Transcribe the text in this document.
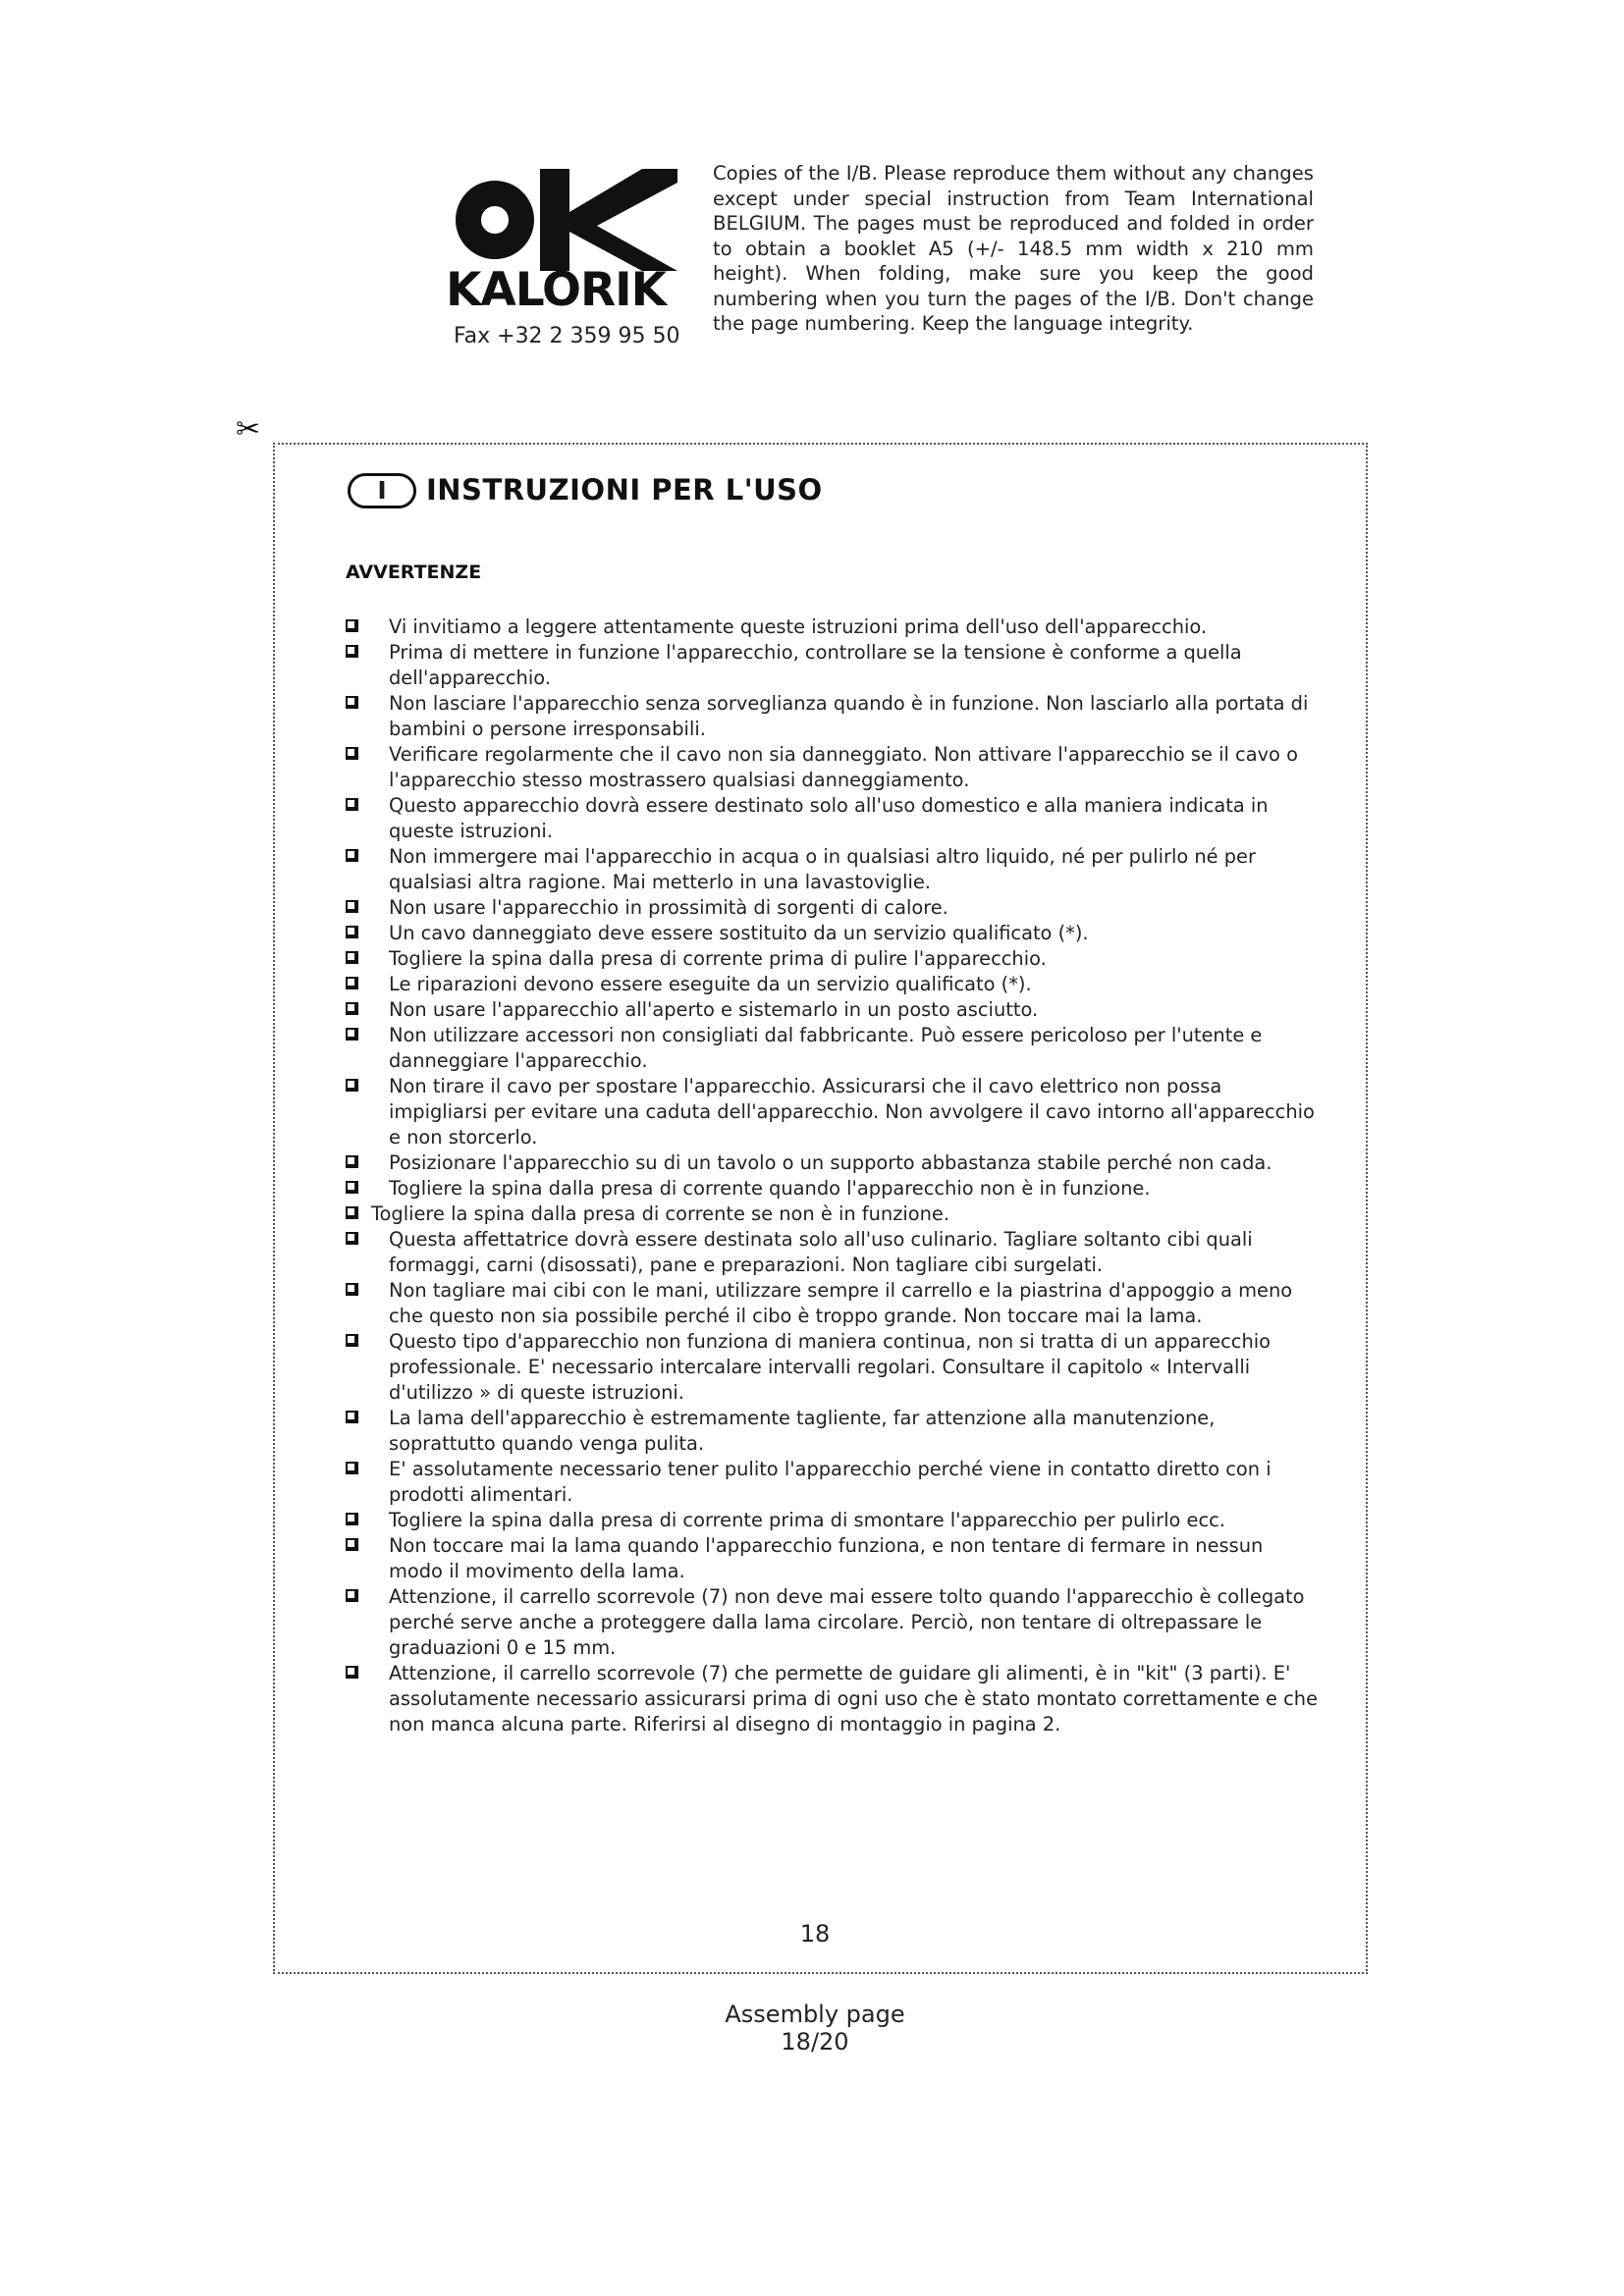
KALORIK
Fax +32 2 359 95 50
Copies of the I/B. Please reproduce them without any changes except under special instruction from Team International BELGIUM. The pages must be reproduced and folded in order to obtain a booklet A5 (+/- 148.5 mm width x 210 mm height). When folding, make sure you keep the good numbering when you turn the pages of the I/B. Don't change the page numbering. Keep the language integrity.
✂
I	INSTRUZIONI PER L'USO
AVVERTENZE
Vi invitiamo a leggere attentamente queste istruzioni prima dell'uso dell'apparecchio.
Prima di mettere in funzione l'apparecchio, controllare se la tensione è conforme a quella dell'apparecchio.
Non lasciare l'apparecchio senza sorveglianza quando è in funzione. Non lasciarlo alla portata di bambini o persone irresponsabili.
Verificare regolarmente che il cavo non sia danneggiato. Non attivare l'apparecchio se il cavo o l'apparecchio stesso mostrassero qualsiasi danneggiamento.
Questo apparecchio dovrà essere destinato solo all'uso domestico e alla maniera indicata in queste istruzioni.
Non immergere mai l'apparecchio in acqua o in qualsiasi altro liquido, né per pulirlo né per qualsiasi altra ragione. Mai metterlo in una lavastoviglie.
Non usare l'apparecchio in prossimità di sorgenti di calore.
Un cavo danneggiato deve essere sostituito da un servizio qualificato (*).
Togliere la spina dalla presa di corrente prima di pulire l'apparecchio.
Le riparazioni devono essere eseguite da un servizio qualificato (*).
Non usare l'apparecchio all'aperto e sistemarlo in un posto asciutto.
Non utilizzare accessori non consigliati dal fabbricante. Può essere pericoloso per l'utente e danneggiare l'apparecchio.
Non tirare il cavo per spostare l'apparecchio. Assicurarsi che il cavo elettrico non possa impigliarsi per evitare una caduta dell'apparecchio. Non avvolgere il cavo intorno all'apparecchio e non storcerlo.
Posizionare l'apparecchio su di un tavolo o un supporto abbastanza stabile perché non cada.
Togliere la spina dalla presa di corrente quando l'apparecchio non è in funzione.
Togliere la spina dalla presa di corrente se non è in funzione.
Questa affettatrice dovrà essere destinata solo all'uso culinario. Tagliare soltanto cibi quali formaggi, carni (disossati), pane e preparazioni. Non tagliare cibi surgelati.
Non tagliare mai cibi con le mani, utilizzare sempre il carrello e la piastrina d'appoggio a meno che questo non sia possibile perché il cibo è troppo grande. Non toccare mai la lama.
Questo tipo d'apparecchio non funziona di maniera continua, non si tratta di un apparecchio professionale. E' necessario intercalare intervalli regolari. Consultare il capitolo « Intervalli d'utilizzo » di queste istruzioni.
La lama dell'apparecchio è estremamente tagliente, far attenzione alla manutenzione, soprattutto quando venga pulita.
E' assolutamente necessario tener pulito l'apparecchio perché viene in contatto diretto con i prodotti alimentari.
Togliere la spina dalla presa di corrente prima di smontare l'apparecchio per pulirlo ecc.
Non toccare mai la lama quando l'apparecchio funziona, e non tentare di fermare in nessun modo il movimento della lama.
Attenzione, il carrello scorrevole (7) non deve mai essere tolto quando l'apparecchio è collegato perché serve anche a proteggere dalla lama circolare. Perciò, non tentare di oltrepassare le graduazioni 0 e 15 mm.
Attenzione, il carrello scorrevole (7) che permette de guidare gli alimenti, è in "kit" (3 parti). E' assolutamente necessario assicurarsi prima di ogni uso che è stato montato correttamente e che non manca alcuna parte. Riferirsi al disegno di montaggio in pagina 2.
18
Assembly page 18/20
